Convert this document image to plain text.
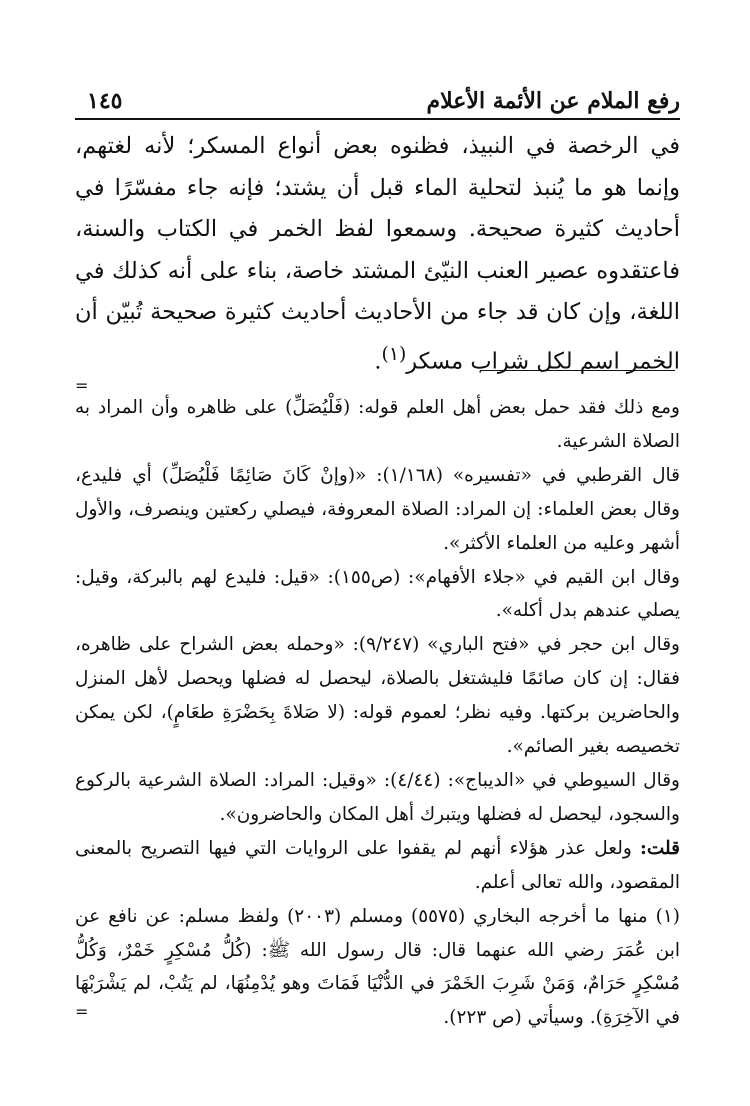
رفع الملام عن الأئمة الأعلام
١٤٥

في الرخصة في النبيذ، فظنوه بعض أنواع المسكر؛ لأنه لغتهم، وإنما هو ما يُنبذ لتحلية الماء قبل أن يشتد؛ فإنه جاء مفسّرًا في أحاديث كثيرة صحيحة. وسمعوا لفظ الخمر في الكتاب والسنة، فاعتقدوه عصير العنب النيّئ المشتد خاصة، بناء على أنه كذلك في اللغة، وإن كان قد جاء من الأحاديث أحاديث كثيرة صحيحة تُبيّن أن الخمر اسم لكل شراب مسكر$^{(١)}$.

=

ومع ذلك فقد حمل بعض أهل العلم قوله: (فَلْيُصَلِّ) على ظاهره وأن المراد به الصلاة الشرعية.

قال القرطبي في «تفسيره» (١/١٦٨): «(وإنْ كَانَ صَائِمًا فَلْيُصَلِّ) أي فليدع، وقال بعض العلماء: إن المراد: الصلاة المعروفة، فيصلي ركعتين وينصرف، والأول أشهر وعليه من العلماء الأكثر».

وقال ابن القيم في «جلاء الأفهام»: (ص١٥٥): «قيل: فليدع لهم بالبركة، وقيل: يصلي عندهم بدل أكله».

وقال ابن حجر في «فتح الباري» (٩/٢٤٧): «وحمله بعض الشراح على ظاهره، فقال: إن كان صائمًا فليشتغل بالصلاة، ليحصل له فضلها ويحصل لأهل المنزل والحاضرين بركتها. وفيه نظر؛ لعموم قوله: (لا صَلاةَ بِحَضْرَةِ طعَامٍ)، لكن يمكن تخصيصه بغير الصائم».

وقال السيوطي في «الديباج»: (٤/٤٤): «وقيل: المراد: الصلاة الشرعية بالركوع والسجود، ليحصل له فضلها ويتبرك أهل المكان والحاضرون».

قلت: ولعل عذر هؤلاء أنهم لم يقفوا على الروايات التي فيها التصريح بالمعنى المقصود، والله تعالى أعلم.

(١) منها ما أخرجه البخاري (٥٥٧٥) ومسلم (٢٠٠٣) ولفظ مسلم: عن نافع عن ابن عُمَرَ رضي الله عنهما قال: قال رسول الله ﷺ: (كُلُّ مُسْكِرٍ خَمْرٌ، وَكُلُّ مُسْكِرٍ حَرَامٌ، وَمَنْ شَرِبَ الخَمْرَ في الدُّنْيَا فَمَاتَ وهو يُدْمِنُهَا، لم يَتُبْ، لم يَشْرَبْهَا في الآخِرَةِ). وسيأتي (ص ٢٢٣).

=
